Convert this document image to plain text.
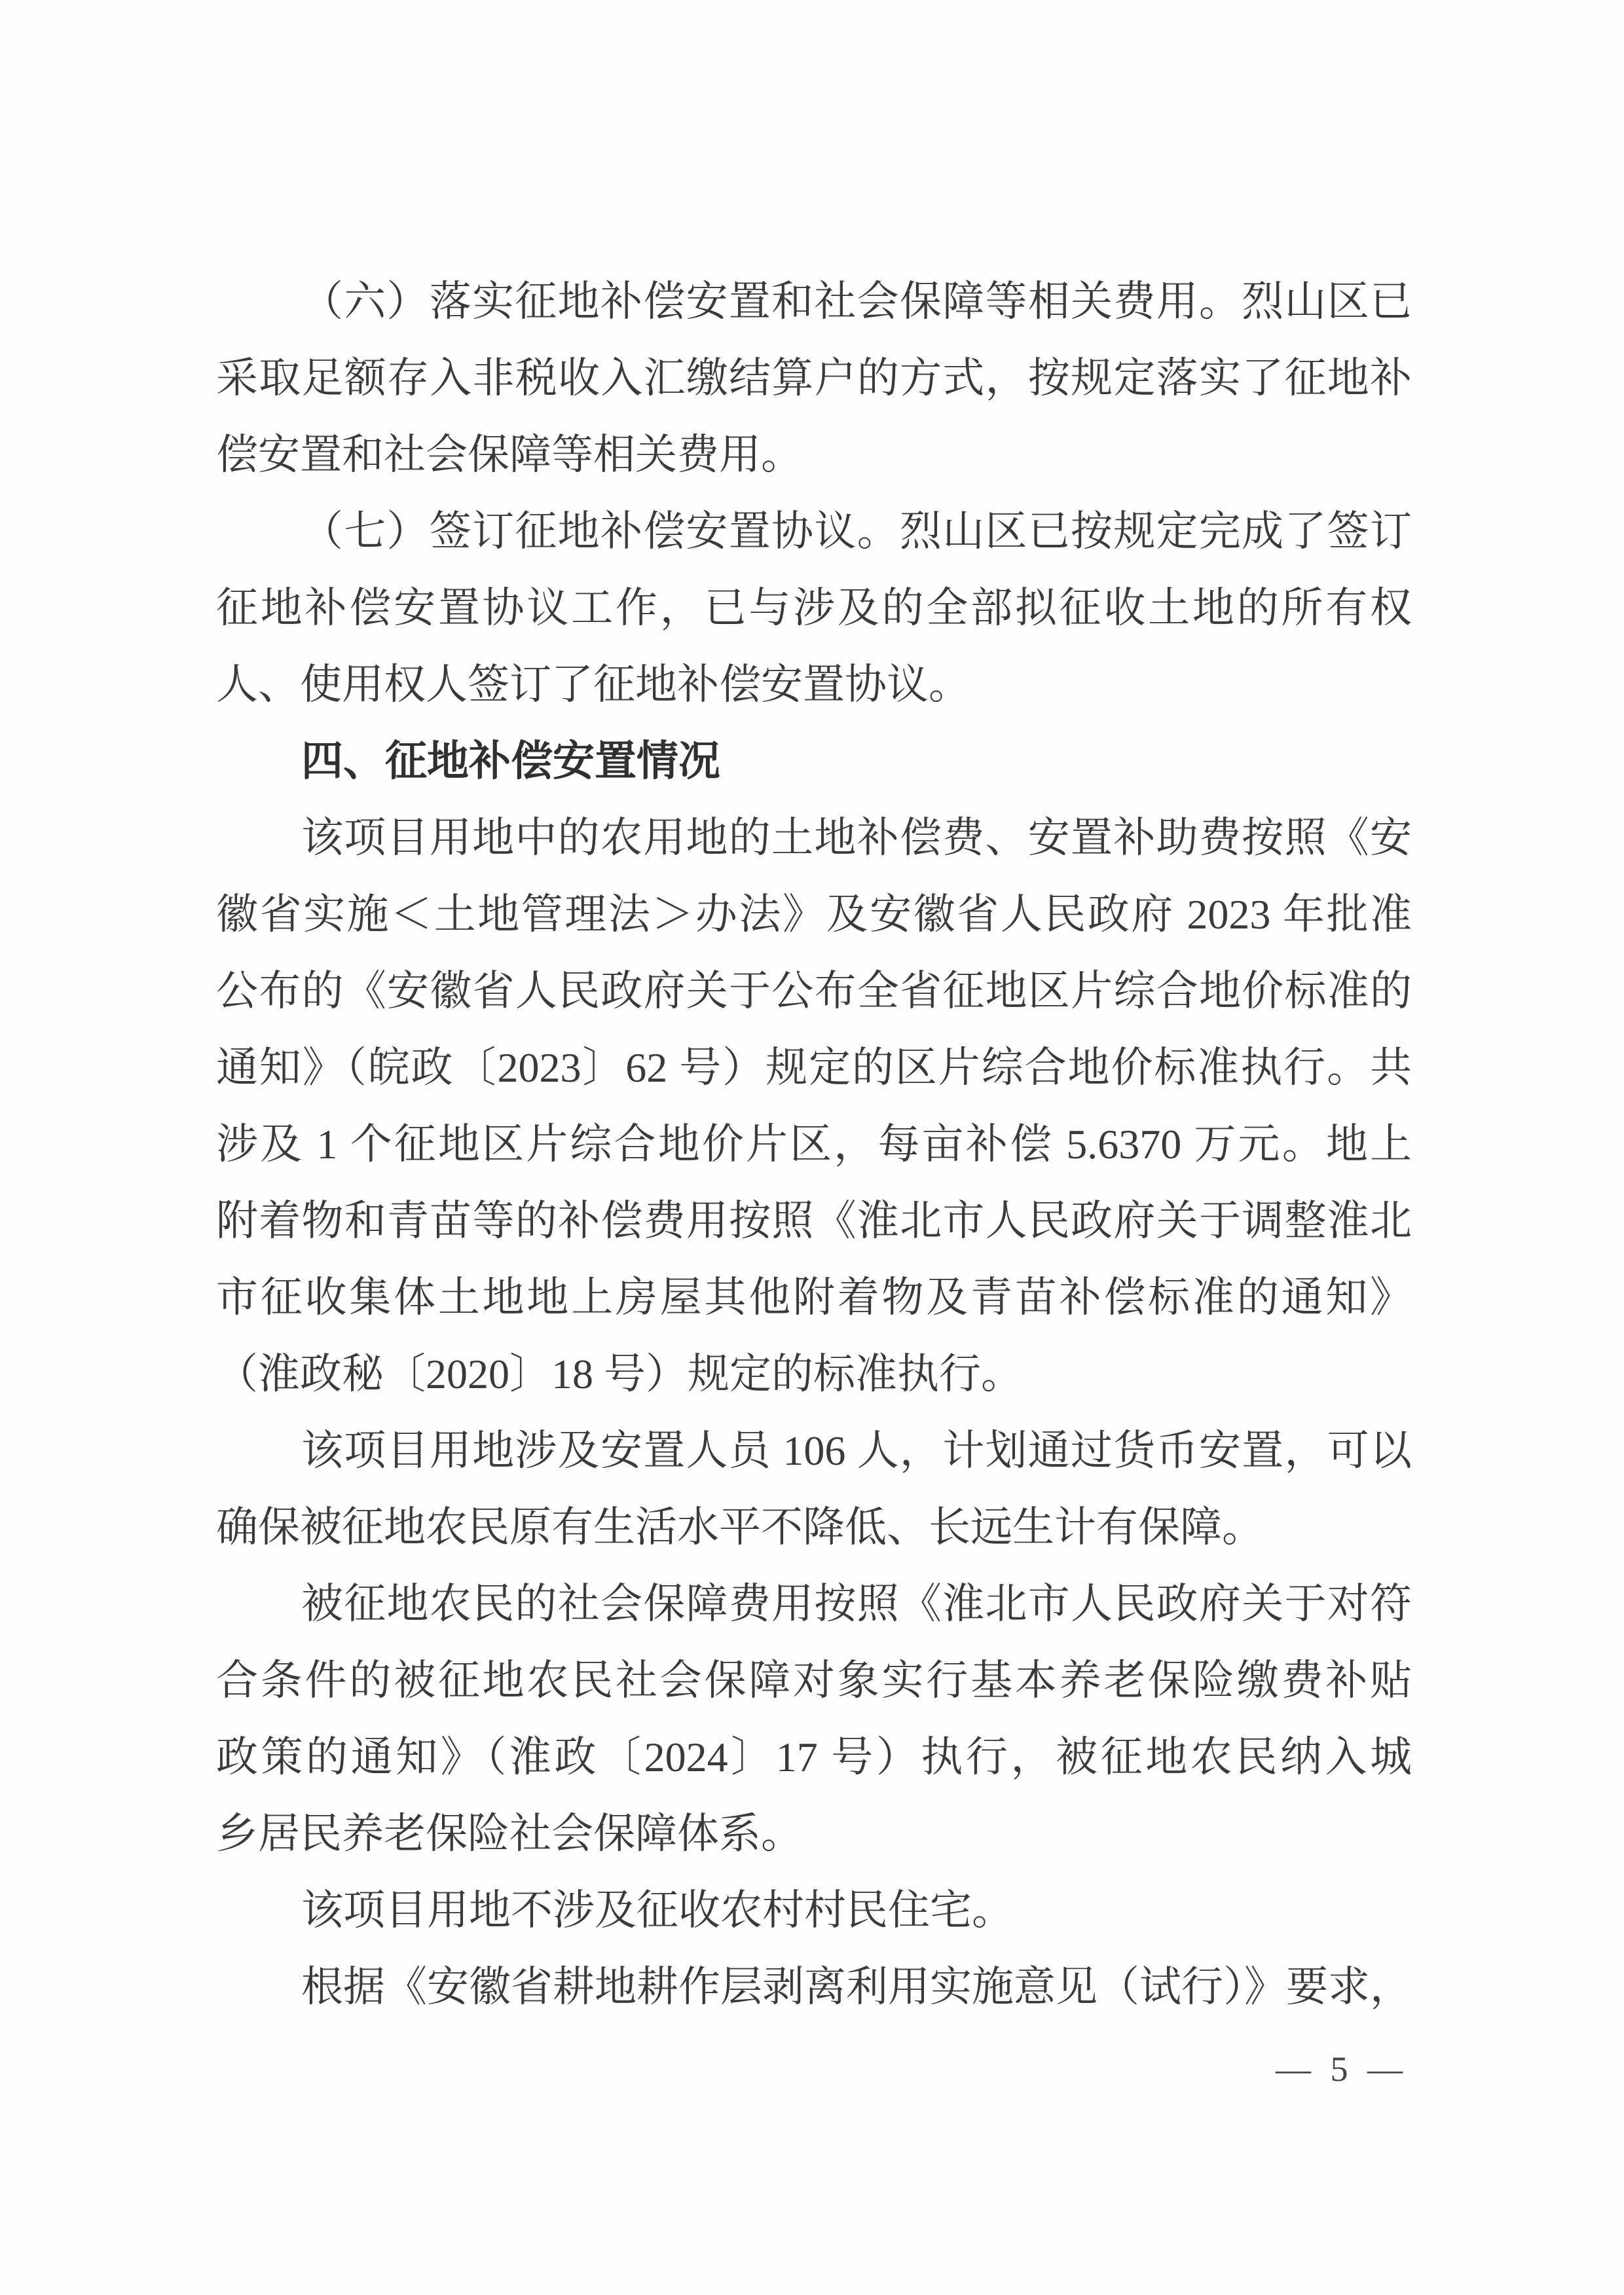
（六）落实征地补偿安置和社会保障等相关费用。烈山区已
采取足额存入非税收入汇缴结算户的方式，按规定落实了征地补
偿安置和社会保障等相关费用。
（七）签订征地补偿安置协议。烈山区已按规定完成了签订
征地补偿安置协议工作，已与涉及的全部拟征收土地的所有权
人、使用权人签订了征地补偿安置协议。
四、征地补偿安置情况
该项目用地中的农用地的土地补偿费、安置补助费按照《安
徽省实施＜土地管理法＞办法》及安徽省人民政府 2023 年批准
公布的《安徽省人民政府关于公布全省征地区片综合地价标准的
通知》（皖政〔2023〕62 号）规定的区片综合地价标准执行。共
涉及 1 个征地区片综合地价片区，每亩补偿 5.6370 万元。地上
附着物和青苗等的补偿费用按照《淮北市人民政府关于调整淮北
市征收集体土地地上房屋其他附着物及青苗补偿标准的通知》
（淮政秘〔2020〕18 号）规定的标准执行。
该项目用地涉及安置人员 106 人，计划通过货币安置，可以
确保被征地农民原有生活水平不降低、长远生计有保障。
被征地农民的社会保障费用按照《淮北市人民政府关于对符
合条件的被征地农民社会保障对象实行基本养老保险缴费补贴
政策的通知》（淮政〔2024〕17 号）执行，被征地农民纳入城
乡居民养老保险社会保障体系。
该项目用地不涉及征收农村村民住宅。
根据《安徽省耕地耕作层剥离利用实施意见（试行）》要求，
— 5 —
